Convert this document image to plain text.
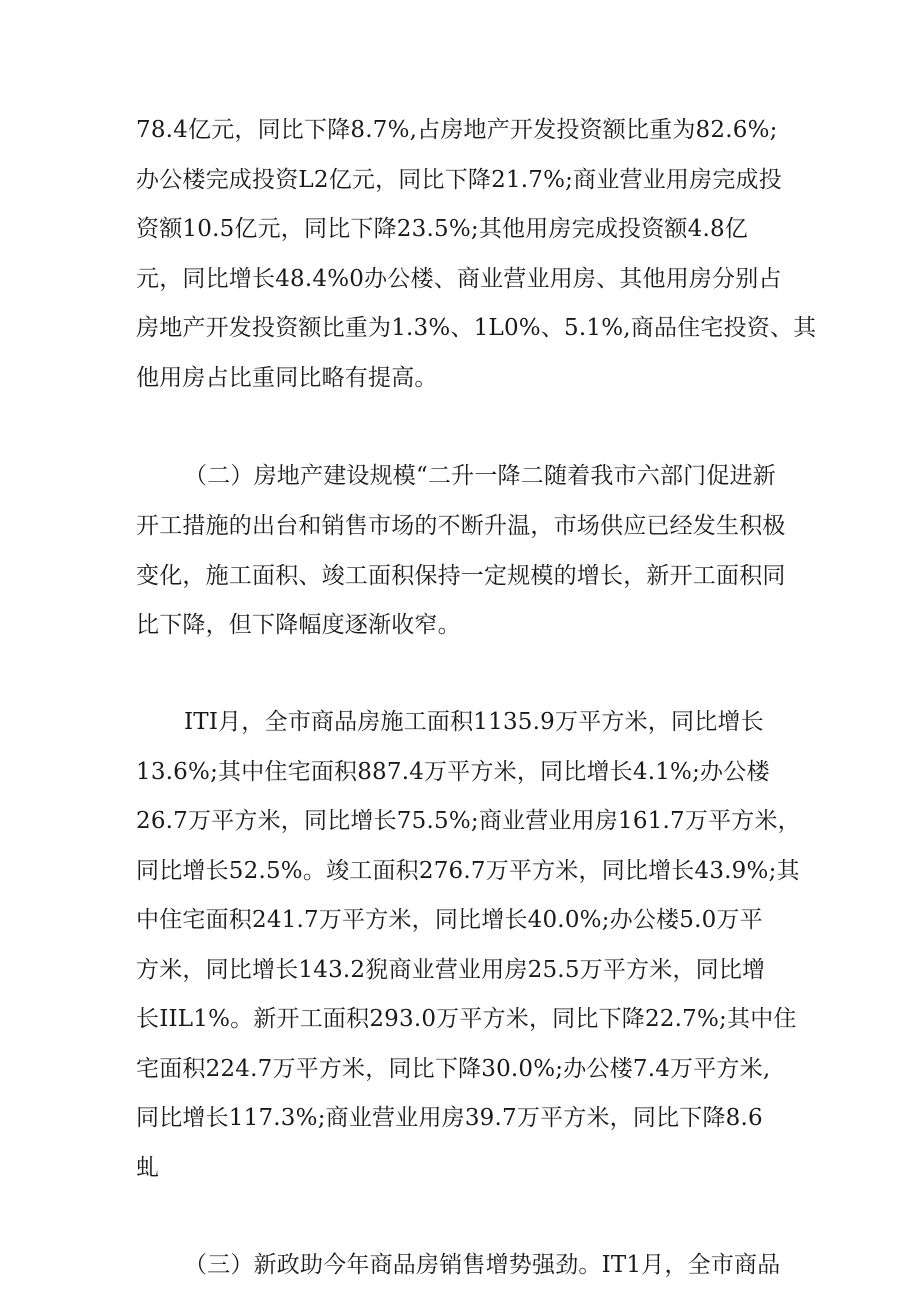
78.4亿元，同比下降8.7%,占房地产开发投资额比重为82.6%;
办公楼完成投资L2亿元，同比下降21.7%;商业营业用房完成投
资额10.5亿元，同比下降23.5%;其他用房完成投资额4.8亿
元，同比增长48.4%0办公楼、商业营业用房、其他用房分别占
房地产开发投资额比重为1.3%、1L0%、5.1%,商品住宅投资、其
他用房占比重同比略有提高。
（二）房地产建设规模“二升一降二随着我市六部门促进新
开工措施的出台和销售市场的不断升温，市场供应已经发生积极
变化，施工面积、竣工面积保持一定规模的增长，新开工面积同
比下降，但下降幅度逐渐收窄。
ITI月，全市商品房施工面积1135.9万平方米，同比增长
13.6%;其中住宅面积887.4万平方米，同比增长4.1%;办公楼
26.7万平方米，同比增长75.5%;商业营业用房161.7万平方米，
同比增长52.5%。竣工面积276.7万平方米，同比增长43.9%;其
中住宅面积241.7万平方米，同比增长40.0%;办公楼5.0万平
方米，同比增长143.2猊商业营业用房25.5万平方米，同比增
长IIL1%。新开工面积293.0万平方米，同比下降22.7%;其中住
宅面积224.7万平方米，同比下降30.0%;办公楼7.4万平方米,
同比增长117.3%;商业营业用房39.7万平方米，同比下降8.6
虬
（三）新政助今年商品房销售增势强劲。IT1月，全市商品
